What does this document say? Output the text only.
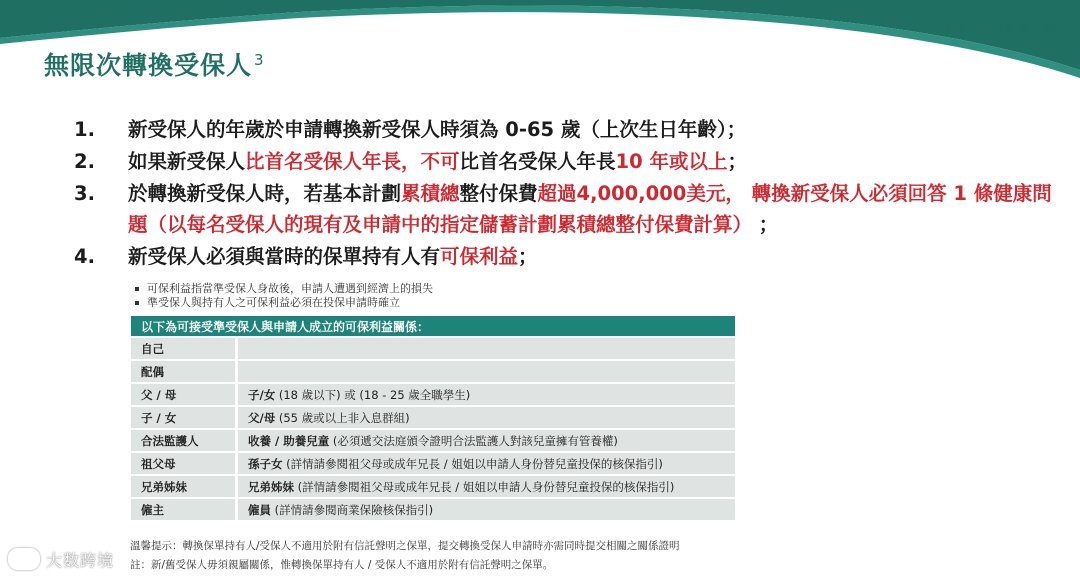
CTFLife 周大福人壽
無限次轉換受保人 $^3$
1. 新受保人的年歲於申請轉換新受保人時須為 0-65 歲（上次生日年齡）；
2. 如果新受保人比首名受保人年長，不可比首名受保人年長10 年或以上；
3. 於轉換新受保人時，若基本計劃累積總整付保費超過4,000,000美元， 轉換新受保人必須回答 1 條健康問題（以每名受保人的現有及申請中的指定儲蓄計劃累積總整付保費計算） ；
4. 新受保人必須與當時的保單持有人有可保利益；
可保利益指當準受保人身故後，申請人遭遇到經濟上的損失
準受保人與持有人之可保利益必須在投保申請時確立
以下為可接受準受保人與申請人成立的可保利益關係：	
自己	
配偶	
父 / 母	子/女 (18 歲以下) 或 (18 - 25 歲全職學生)
子 / 女	父/母 (55 歲或以上非入息群組)
合法監護人	收養 / 助養兒童 (必須遞交法庭頒令證明合法監護人對該兒童擁有管養權)
祖父母	孫子女 (詳情請參閱祖父母或成年兄長 / 姐姐以申請人身份替兒童投保的核保指引)
兄弟姊妹	兄弟姊妹 (詳情請參閱祖父母或成年兄長 / 姐姐以申請人身份替兒童投保的核保指引)
僱主	僱員 (詳情請參閱商業保險核保指引)
溫馨提示：轉換保單持有人/受保人不適用於附有信託聲明之保單，提交轉換受保人申請時亦需同時提交相關之關係證明
註：新/舊受保人毋須親屬關係，惟轉換保單持有人 / 受保人不適用於附有信託聲明之保單。
大数跨境
